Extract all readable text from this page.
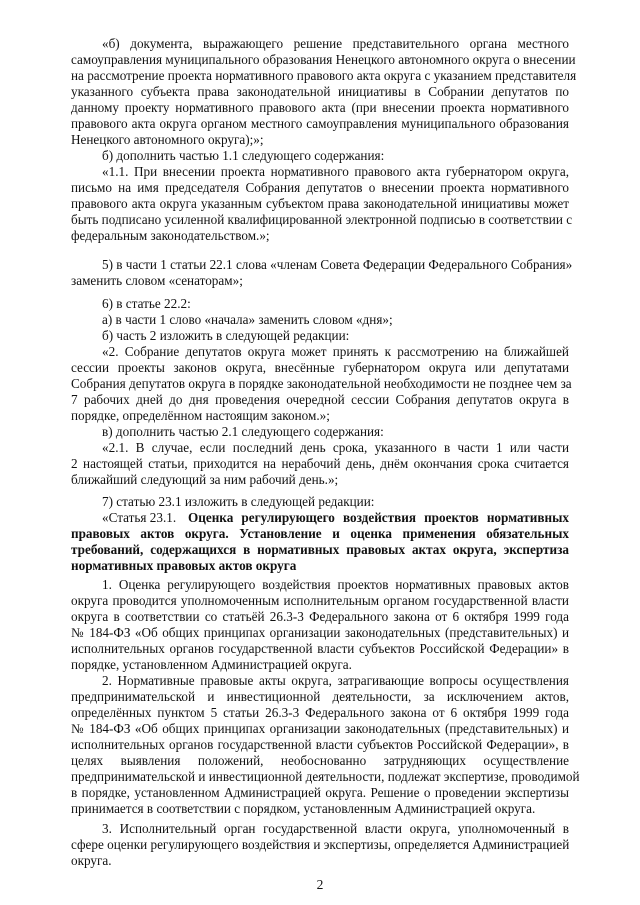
«б) документа, выражающего решение представительного органа местного
самоуправления муниципального образования Ненецкого автономного округа о внесении
на рассмотрение проекта нормативного правового акта округа с указанием представителя
указанного субъекта права законодательной инициативы в Собрании депутатов по
данному проекту нормативного правового акта (при внесении проекта нормативного
правового акта округа органом местного самоуправления муниципального образования
Ненецкого автономного округа);»;
б) дополнить частью 1.1 следующего содержания:
«1.1. При внесении проекта нормативного правового акта губернатором округа,
письмо на имя председателя Собрания депутатов о внесении проекта нормативного
правового акта округа указанным субъектом права законодательной инициативы может
быть подписано усиленной квалифицированной электронной подписью в соответствии с
федеральным законодательством.»;
5) в части 1 статьи 22.1 слова «членам Совета Федерации Федерального Собрания»
заменить словом «сенаторам»;
6) в статье 22.2:
а) в части 1 слово «начала» заменить словом «дня»;
б) часть 2 изложить в следующей редакции:
«2. Собрание депутатов округа может принять к рассмотрению на ближайшей
сессии проекты законов округа, внесённые губернатором округа или депутатами
Собрания депутатов округа в порядке законодательной необходимости не позднее чем за
7 рабочих дней до дня проведения очередной сессии Собрания депутатов округа в
порядке, определённом настоящим законом.»;
в) дополнить частью 2.1 следующего содержания:
«2.1. В случае, если последний день срока, указанного в части 1 или части
2 настоящей статьи, приходится на нерабочий день, днём окончания срока считается
ближайший следующий за ним рабочий день.»;
7) статью 23.1 изложить в следующей редакции:
«Статья 23.1. Оценка регулирующего воздействия проектов нормативных
правовых актов округа. Установление и оценка применения обязательных
требований, содержащихся в нормативных правовых актах округа, экспертиза
нормативных правовых актов округа
1. Оценка регулирующего воздействия проектов нормативных правовых актов
округа проводится уполномоченным исполнительным органом государственной власти
округа в соответствии со статьёй 26.3-3 Федерального закона от 6 октября 1999 года
№ 184-ФЗ «Об общих принципах организации законодательных (представительных) и
исполнительных органов государственной власти субъектов Российской Федерации» в
порядке, установленном Администрацией округа.
2. Нормативные правовые акты округа, затрагивающие вопросы осуществления
предпринимательской и инвестиционной деятельности, за исключением актов,
определённых пунктом 5 статьи 26.3-3 Федерального закона от 6 октября 1999 года
№ 184-ФЗ «Об общих принципах организации законодательных (представительных) и
исполнительных органов государственной власти субъектов Российской Федерации», в
целях выявления положений, необоснованно затрудняющих осуществление
предпринимательской и инвестиционной деятельности, подлежат экспертизе, проводимой
в порядке, установленном Администрацией округа. Решение о проведении экспертизы
принимается в соответствии с порядком, установленным Администрацией округа.
3. Исполнительный орган государственной власти округа, уполномоченный в
сфере оценки регулирующего воздействия и экспертизы, определяется Администрацией
округа.
2
